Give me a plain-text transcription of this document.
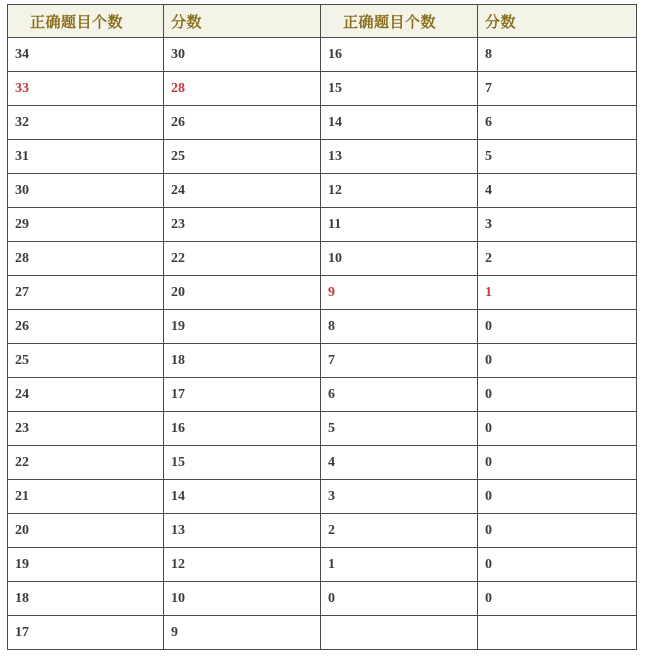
正确题目个数	分数	正确题目个数	分数
34	30	16	8
33	28	15	7
32	26	14	6
31	25	13	5
30	24	12	4
29	23	11	3
28	22	10	2
27	20	9	1
26	19	8	0
25	18	7	0
24	17	6	0
23	16	5	0
22	15	4	0
21	14	3	0
20	13	2	0
19	12	1	0
18	10	0	0
17	9		
